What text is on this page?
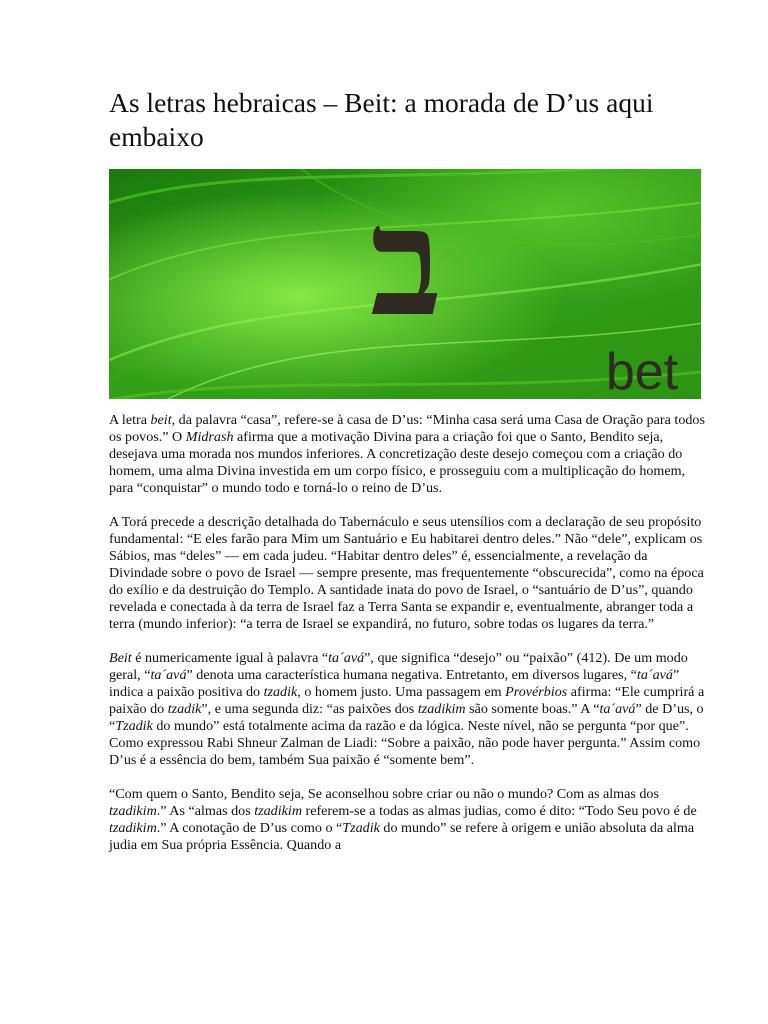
As letras hebraicas – Beit: a morada de D’us aqui embaixo
ב
bet

A letra beit, da palavra “casa”, refere-se à casa de D’us: “Minha casa será uma Casa de Oração para todos os povos.” O Midrash afirma que a motivação Divina para a criação foi que o Santo, Bendito seja, desejava uma morada nos mundos inferiores. A concretização deste desejo começou com a criação do homem, uma alma Divina investida em um corpo físico, e prosseguiu com a multiplicação do homem, para “conquistar” o mundo todo e torná-lo o reino de D’us.

A Torá precede a descrição detalhada do Tabernáculo e seus utensílios com a declaração de seu propósito fundamental: “E eles farão para Mim um Santuário e Eu habitarei dentro deles.” Não “dele”, explicam os Sábios, mas “deles” — em cada judeu. “Habitar dentro deles” é, essencialmente, a revelação da Divindade sobre o povo de Israel — sempre presente, mas frequentemente “obscurecida”, como na época do exílio e da destruição do Templo. A santidade inata do povo de Israel, o “santuário de D’us”, quando revelada e conectada à da terra de Israel faz a Terra Santa se expandir e, eventualmente, abranger toda a terra (mundo inferior): “a terra de Israel se expandirá, no futuro, sobre todas os lugares da terra.”

Beit é numericamente igual à palavra “ta´avá”, que significa “desejo” ou “paixão” (412). De um modo geral, “ta´avá” denota uma característica humana negativa. Entretanto, em diversos lugares, “ta´avá” indica a paixão positiva do tzadik, o homem justo. Uma passagem em Provérbios afirma: “Ele cumprirá a paixão do tzadik”, e uma segunda diz: “as paixões dos tzadikim são somente boas.” A “ta´avá” de D’us, o “Tzadik do mundo” está totalmente acima da razão e da lógica. Neste nível, não se pergunta “por que”. Como expressou Rabi Shneur Zalman de Liadi: “Sobre a paixão, não pode haver pergunta.” Assim como D’us é a essência do bem, também Sua paixão é “somente bem”.

“Com quem o Santo, Bendito seja, Se aconselhou sobre criar ou não o mundo? Com as almas dos tzadikim.” As “almas dos tzadikim referem-se a todas as almas judias, como é dito: “Todo Seu povo é de tzadikim.” A conotação de D’us como o “Tzadik do mundo” se refere à origem e união absoluta da alma judia em Sua própria Essência. Quando a
